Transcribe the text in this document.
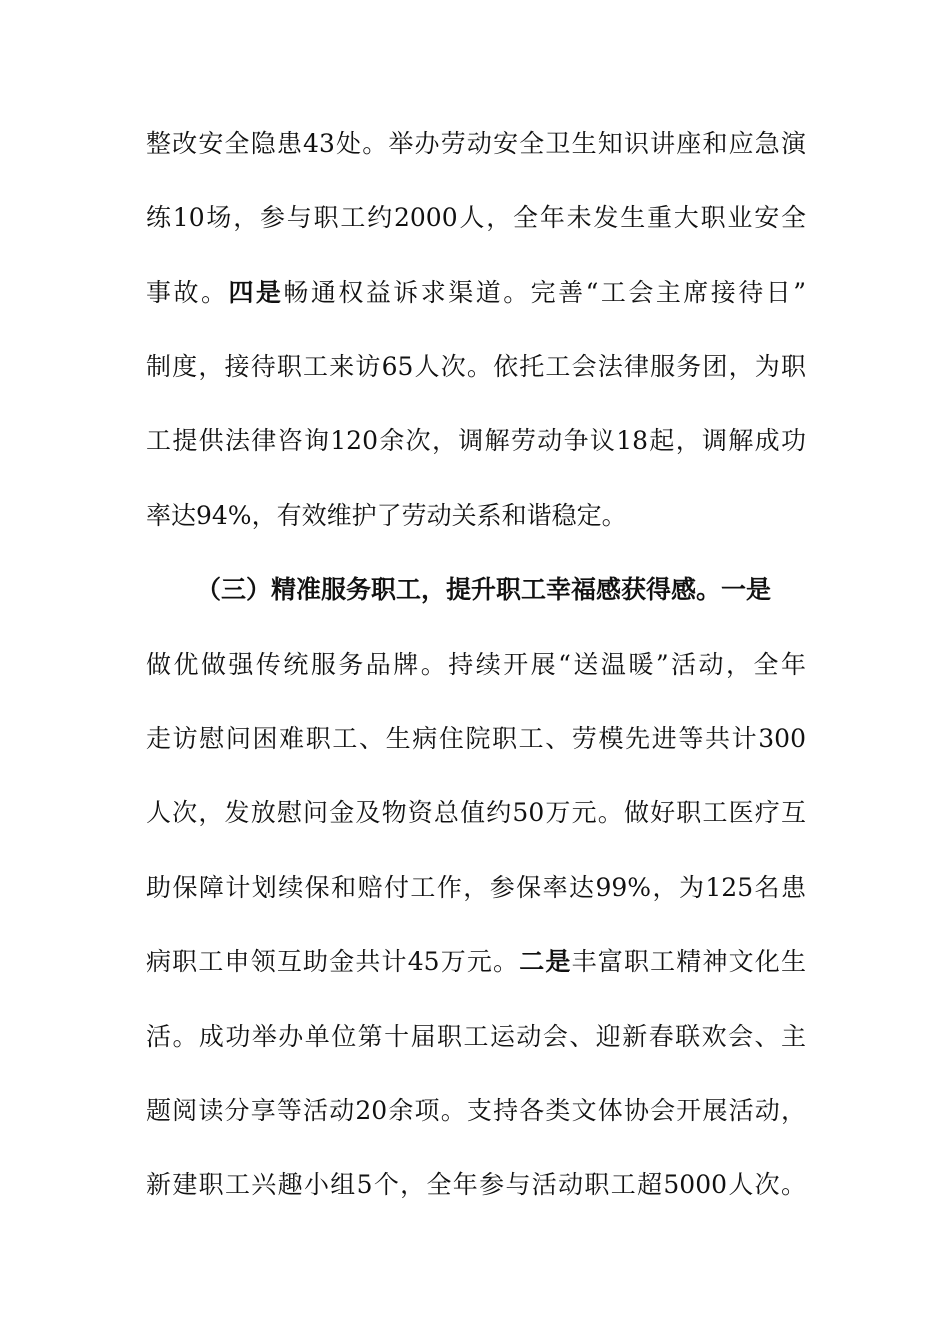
整改安全隐患43处。举办劳动安全卫生知识讲座和应急演
练10场，参与职工约2000人，全年未发生重大职业安全
事故。四是畅通权益诉求渠道。完善“工会主席接待日”
制度，接待职工来访65人次。依托工会法律服务团，为职
工提供法律咨询120余次，调解劳动争议18起，调解成功
率达94%，有效维护了劳动关系和谐稳定。
（三）精准服务职工，提升职工幸福感获得感。一是
做优做强传统服务品牌。持续开展“送温暖”活动，全年
走访慰问困难职工、生病住院职工、劳模先进等共计300
人次，发放慰问金及物资总值约50万元。做好职工医疗互
助保障计划续保和赔付工作，参保率达99%，为125名患
病职工申领互助金共计45万元。二是丰富职工精神文化生
活。成功举办单位第十届职工运动会、迎新春联欢会、主
题阅读分享等活动20余项。支持各类文体协会开展活动，
新建职工兴趣小组5个，全年参与活动职工超5000人次。
